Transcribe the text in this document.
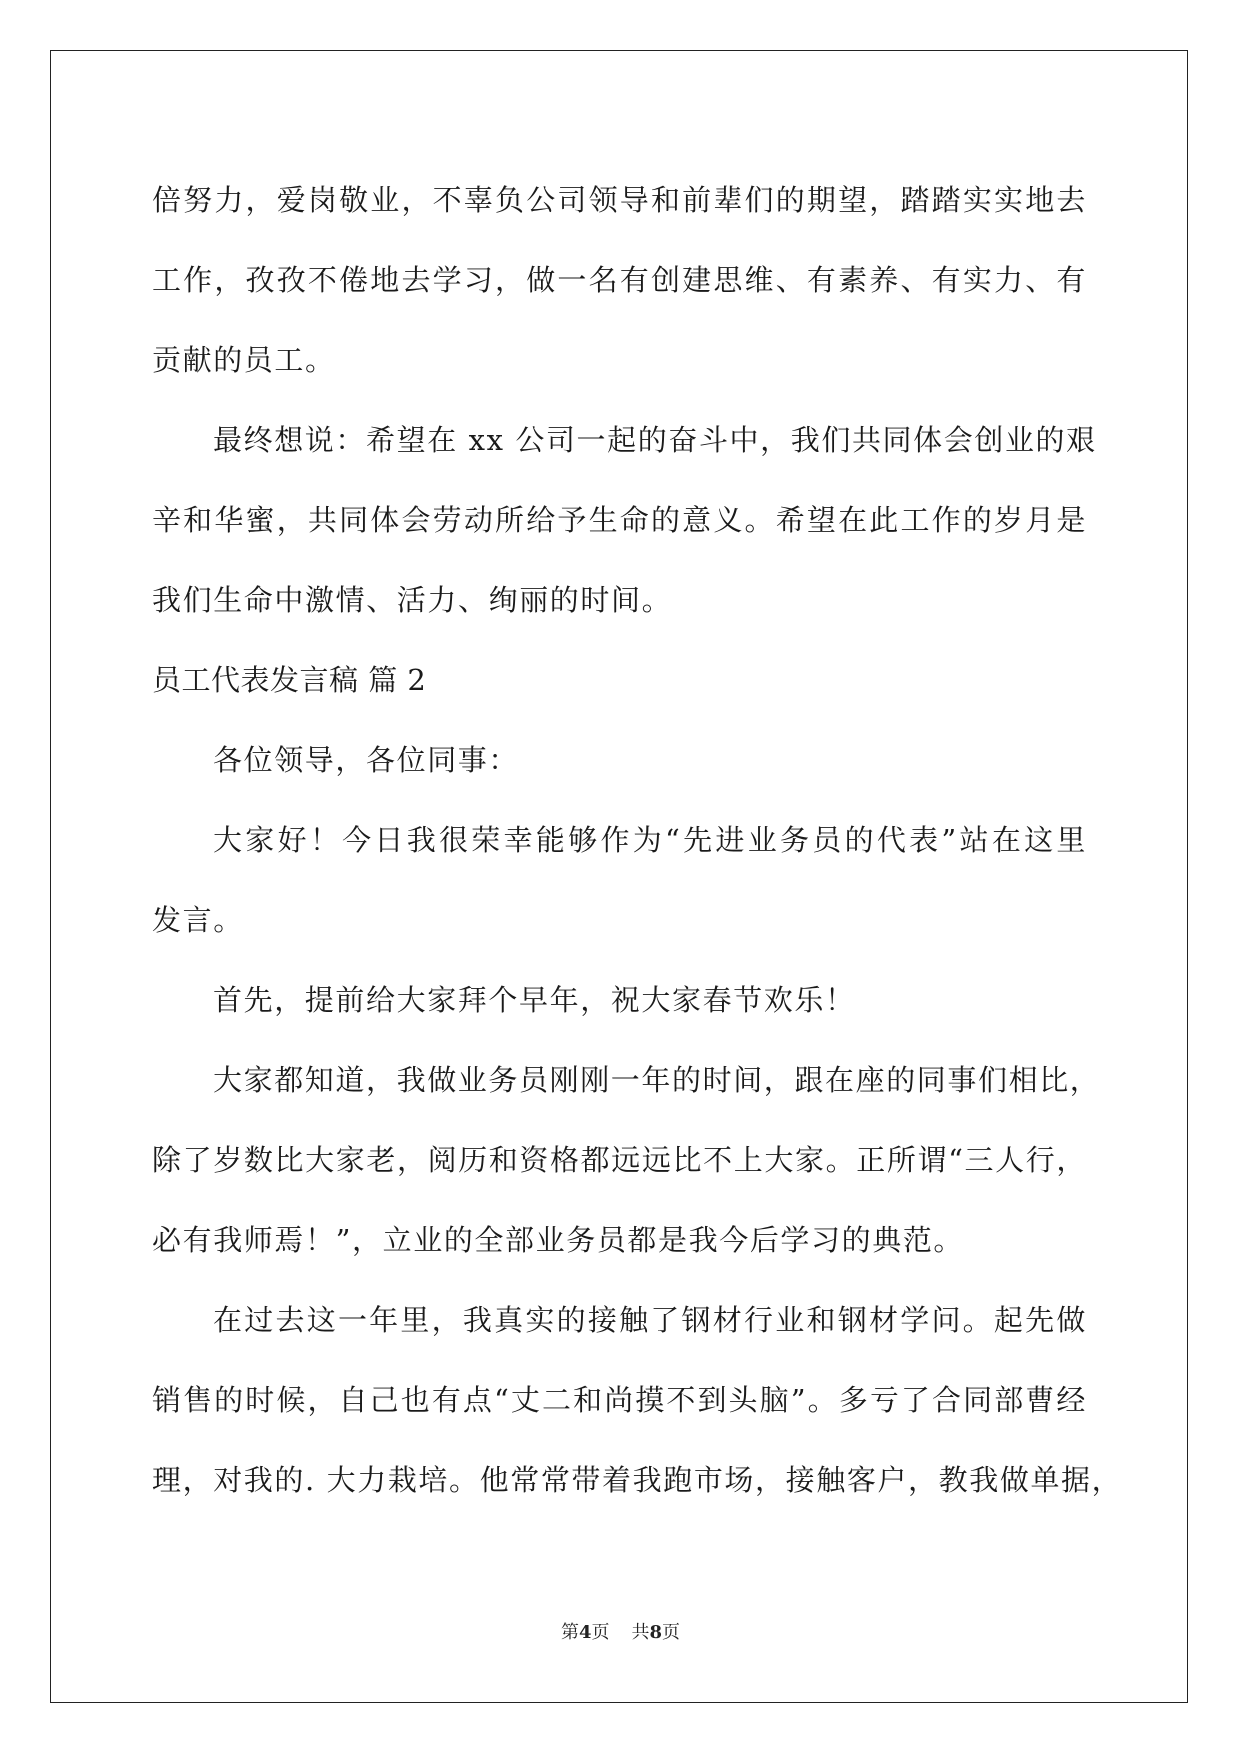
倍努力，爱岗敬业，不辜负公司领导和前辈们的期望，踏踏实实地去
工作，孜孜不倦地去学习，做一名有创建思维、有素养、有实力、有
贡献的员工。
最终想说：希望在 xx 公司一起的奋斗中，我们共同体会创业的艰
辛和华蜜，共同体会劳动所给予生命的意义。希望在此工作的岁月是
我们生命中激情、活力、绚丽的时间。
员工代表发言稿 篇 2
各位领导，各位同事：
大家好！今日我很荣幸能够作为“先进业务员的代表”站在这里
发言。
首先，提前给大家拜个早年，祝大家春节欢乐！
大家都知道，我做业务员刚刚一年的时间，跟在座的同事们相比，
除了岁数比大家老，阅历和资格都远远比不上大家。正所谓“三人行，
必有我师焉！”，立业的全部业务员都是我今后学习的典范。
在过去这一年里，我真实的接触了钢材行业和钢材学问。起先做
销售的时候，自己也有点“丈二和尚摸不到头脑”。多亏了合同部曹经
理，对我的. 大力栽培。他常常带着我跑市场，接触客户，教我做单据，
第4页 共8页
